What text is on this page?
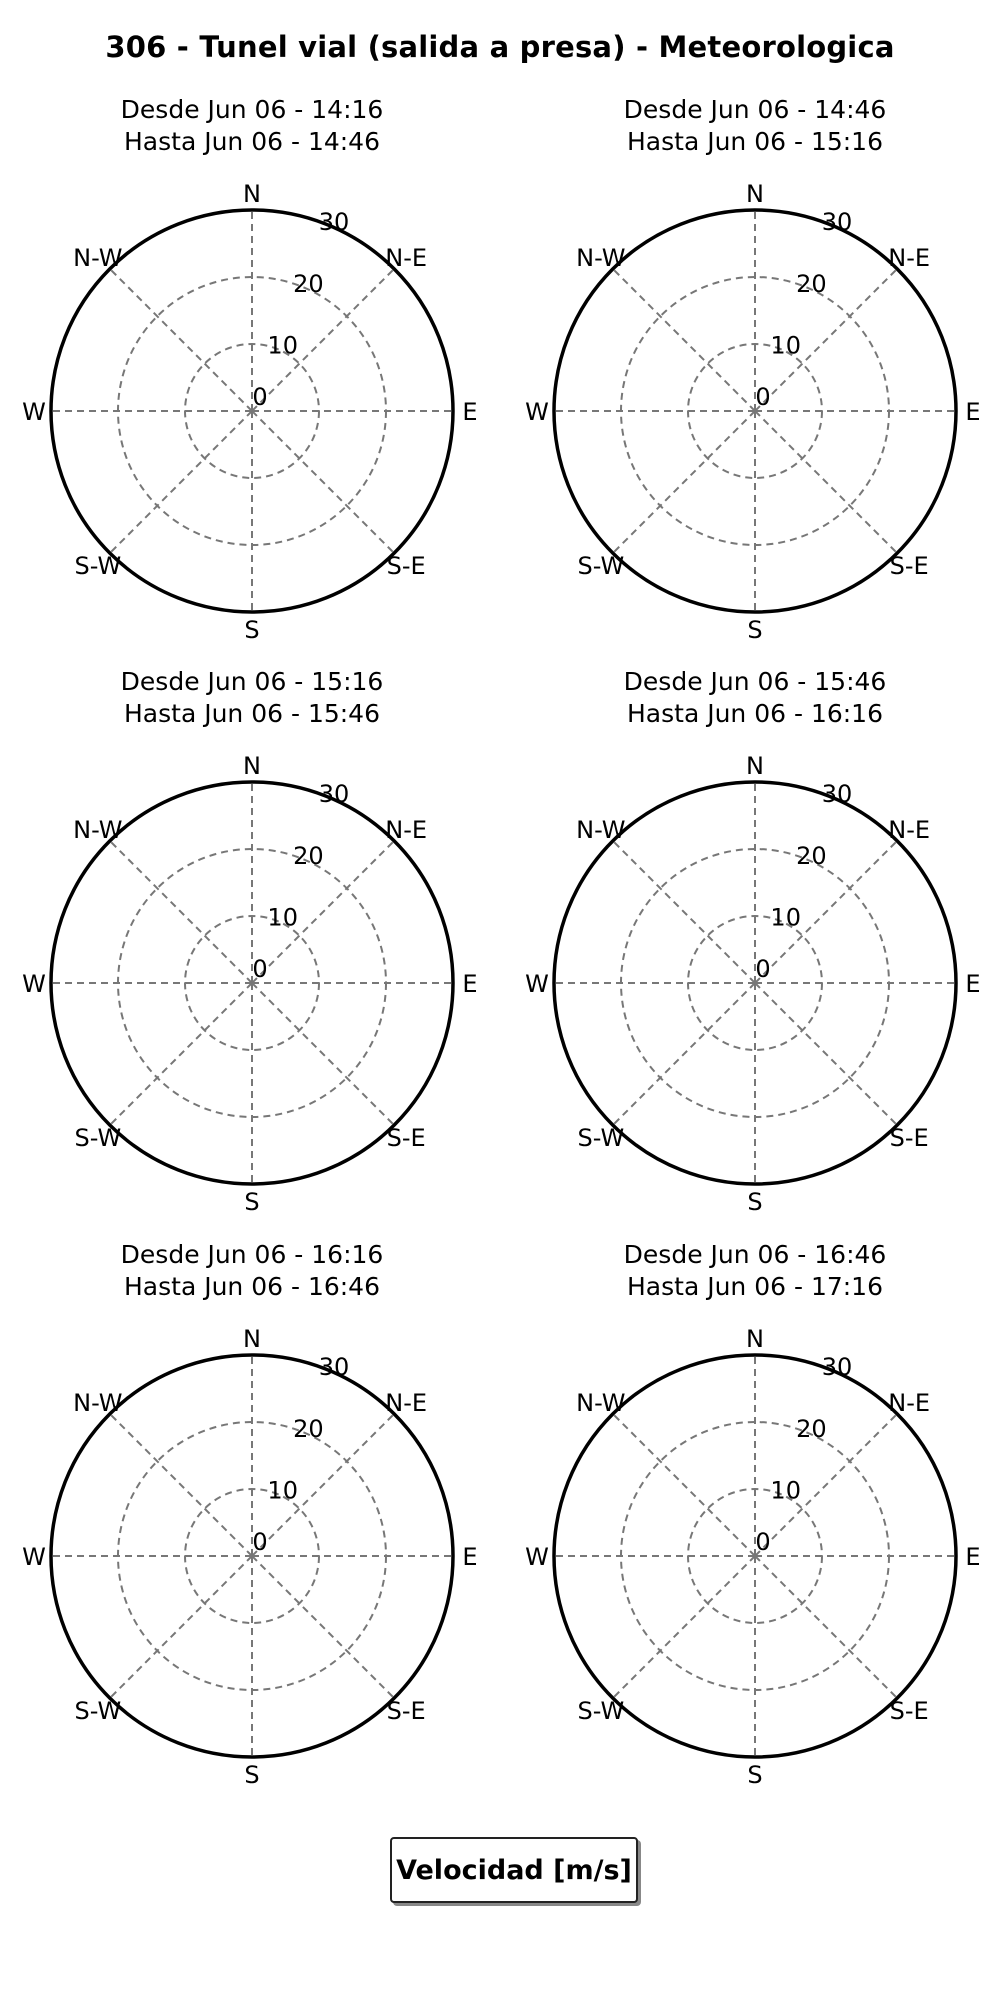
306 - Tunel vial (salida a presa) - Meteorologica
Desde Jun 06 - 14:16
Hasta Jun 06 - 14:46
0
10
20
30
N
N-E
E
S-E
S
S-W
W
N-W
Desde Jun 06 - 14:46
Hasta Jun 06 - 15:16
0
10
20
30
N
N-E
E
S-E
S
S-W
W
N-W
Desde Jun 06 - 15:16
Hasta Jun 06 - 15:46
0
10
20
30
N
N-E
E
S-E
S
S-W
W
N-W
Desde Jun 06 - 15:46
Hasta Jun 06 - 16:16
0
10
20
30
N
N-E
E
S-E
S
S-W
W
N-W
Desde Jun 06 - 16:16
Hasta Jun 06 - 16:46
0
10
20
30
N
N-E
E
S-E
S
S-W
W
N-W
Desde Jun 06 - 16:46
Hasta Jun 06 - 17:16
0
10
20
30
N
N-E
E
S-E
S
S-W
W
N-W
Velocidad [m/s]
